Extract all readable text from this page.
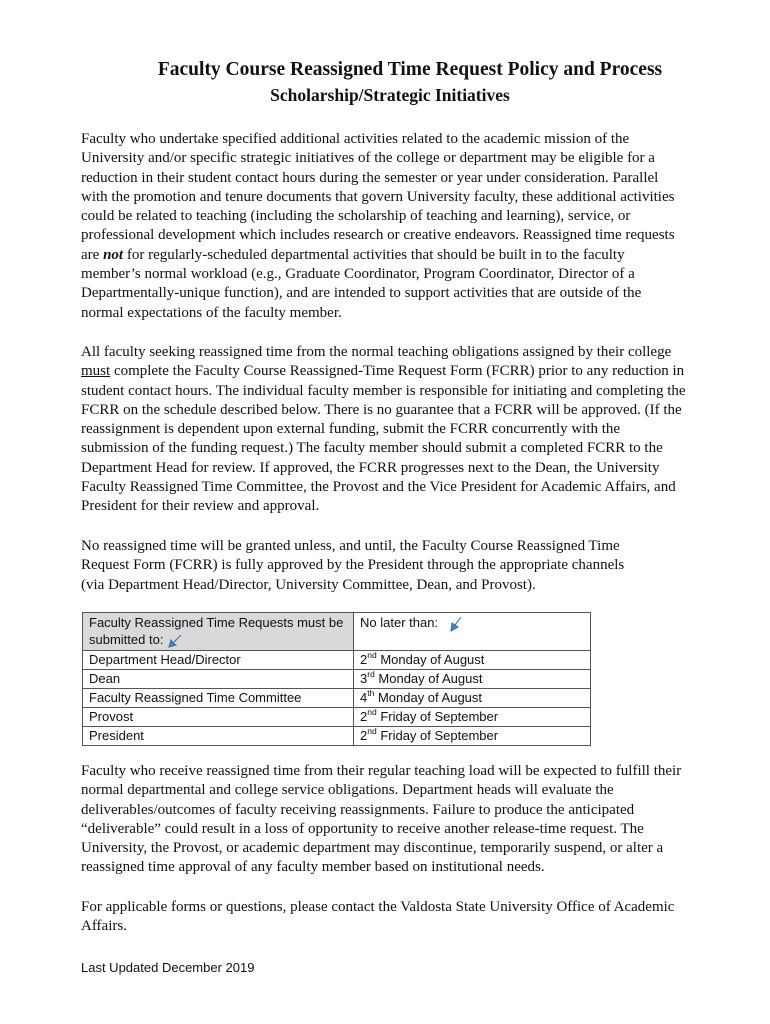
Faculty Course Reassigned Time Request Policy and Process
Scholarship/Strategic Initiatives
Faculty who undertake specified additional activities related to the academic mission of the
University and/or specific strategic initiatives of the college or department may be eligible for a
reduction in their student contact hours during the semester or year under consideration. Parallel
with the promotion and tenure documents that govern University faculty, these additional activities
could be related to teaching (including the scholarship of teaching and learning), service, or
professional development which includes research or creative endeavors. Reassigned time requests
are not for regularly-scheduled departmental activities that should be built in to the faculty
member’s normal workload (e.g., Graduate Coordinator, Program Coordinator, Director of a
Departmentally-unique function), and are intended to support activities that are outside of the
normal expectations of the faculty member.
All faculty seeking reassigned time from the normal teaching obligations assigned by their college
must complete the Faculty Course Reassigned-Time Request Form (FCRR) prior to any reduction in
student contact hours. The individual faculty member is responsible for initiating and completing the
FCRR on the schedule described below. There is no guarantee that a FCRR will be approved. (If the
reassignment is dependent upon external funding, submit the FCRR concurrently with the
submission of the funding request.) The faculty member should submit a completed FCRR to the
Department Head for review. If approved, the FCRR progresses next to the Dean, the University
Faculty Reassigned Time Committee, the Provost and the Vice President for Academic Affairs, and
President for their review and approval.
No reassigned time will be granted unless, and until, the Faculty Course Reassigned Time
Request Form (FCRR) is fully approved by the President through the appropriate channels
(via Department Head/Director, University Committee, Dean, and Provost).
Faculty Reassigned Time Requests must be submitted to:	No later than:
Department Head/Director	2nd Monday of August
Dean	3rd Monday of August
Faculty Reassigned Time Committee	4th Monday of August
Provost	2nd Friday of September
President	2nd Friday of September
Faculty who receive reassigned time from their regular teaching load will be expected to fulfill their
normal departmental and college service obligations. Department heads will evaluate the
deliverables/outcomes of faculty receiving reassignments. Failure to produce the anticipated
“deliverable” could result in a loss of opportunity to receive another release-time request. The
University, the Provost, or academic department may discontinue, temporarily suspend, or alter a
reassigned time approval of any faculty member based on institutional needs.
For applicable forms or questions, please contact the Valdosta State University Office of Academic
Affairs.
Last Updated December 2019
